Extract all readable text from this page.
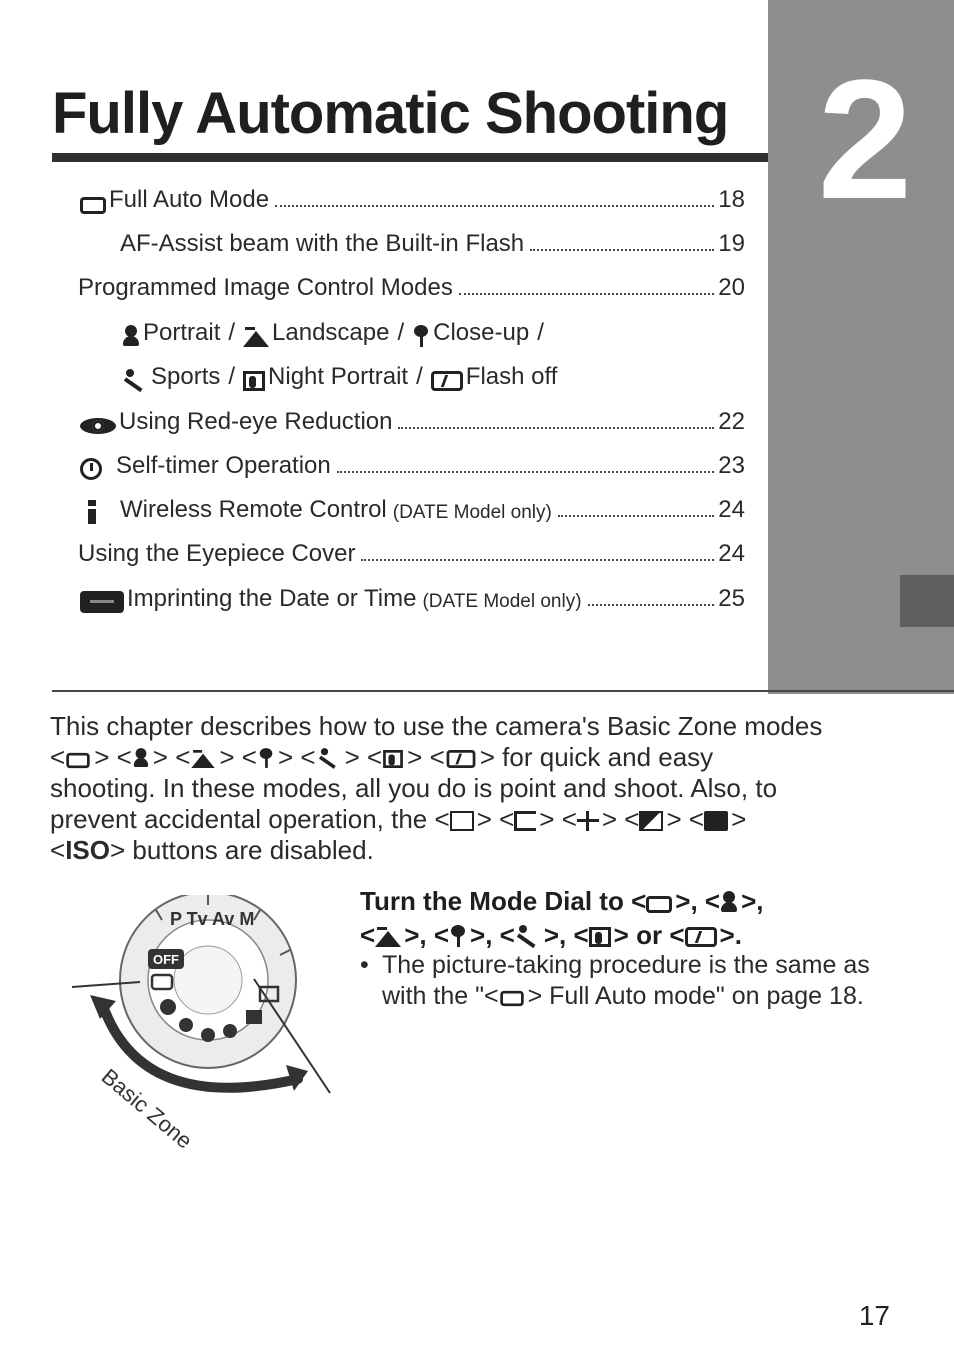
2
Fully Automatic Shooting
Full Auto Mode	18
AF-Assist beam with the Built-in Flash	19
Programmed Image Control Modes	20
Portrait / Landscape / Close-up /
Sports / Night Portrait / Flash off
Using Red-eye Reduction	22
Self-timer Operation	23
Wireless Remote Control (DATE Model only)	24
Using the Eyepiece Cover	24
Imprinting the Date or Time (DATE Model only)	25

This chapter describes how to use the camera's Basic Zone modes
< > < > < > < > < > < > < > for quick and easy
shooting. In these modes, all you do is point and shoot. Also, to
prevent accidental operation, the < > < > < > < > < >
<ISO> buttons are disabled.

P Tv Av M
OFF
Basic Zone
Turn the Mode Dial to < >, < >,
< >, < >, < >, < > or < >.
• The picture-taking procedure is the same as with the "< > Full Auto mode" on page 18.
17
